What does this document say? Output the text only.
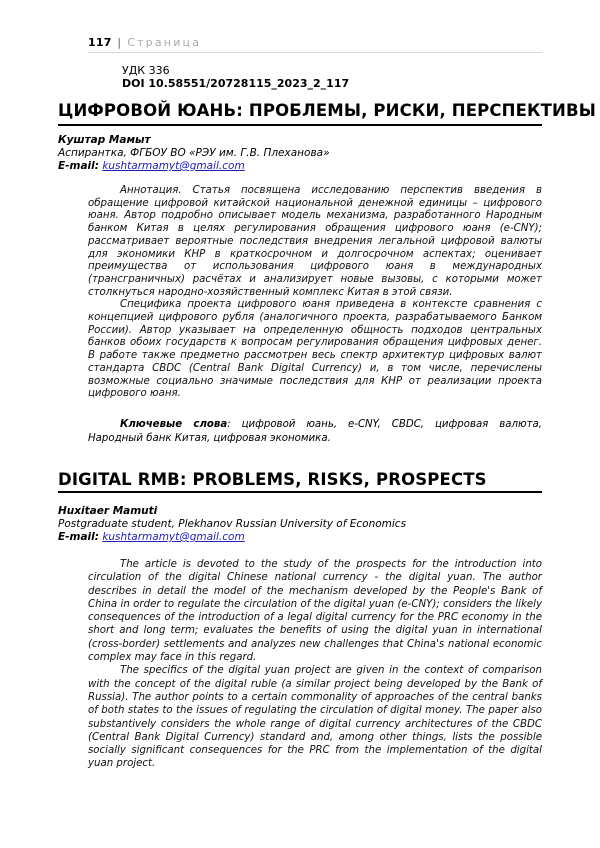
117 | Страница
УДК 336
DOI 10.58551/20728115_2023_2_117
ЦИФРОВОЙ ЮАНЬ: ПРОБЛЕМЫ, РИСКИ, ПЕРСПЕКТИВЫ
Куштар Мамыт
Аспирантка, ФГБОУ ВО «РЭУ им. Г.В. Плеханова»
E-mail: kushtarmamyt@gmail.com

Аннотация. Статья посвящена исследованию перспектив введения в обращение цифровой китайской национальной денежной единицы – цифрового юаня. Автор подробно описывает модель механизма, разработанного Народным банком Китая в целях регулирования обращения цифрового юаня (e-CNY); рассматривает вероятные последствия внедрения легальной цифровой валюты для экономики КНР в краткосрочном и долгосрочном аспектах; оценивает преимущества от использования цифрового юаня в международных (трансграничных) расчётах и анализирует новые вызовы, с которыми может столкнуться народно-хозяйственный комплекс Китая в этой связи.

Специфика проекта цифрового юаня приведена в контексте сравнения с концепцией цифрового рубля (аналогичного проекта, разрабатываемого Банком России). Автор указывает на определенную общность подходов центральных банков обоих государств к вопросам регулирования обращения цифровых денег. В работе также предметно рассмотрен весь спектр архитектур цифровых валют стандарта CBDC (Central Bank Digital Currency) и, в том числе, перечислены возможные социально значимые последствия для КНР от реализации проекта цифрового юаня.

Ключевые слова: цифровой юань, e-CNY, CBDC, цифровая валюта, Народный банк Китая, цифровая экономика.
DIGITAL RMB: PROBLEMS, RISKS, PROSPECTS
Huxitaer Mamuti
Postgraduate student, Plekhanov Russian University of Economics
E-mail: kushtarmamyt@gmail.com

The article is devoted to the study of the prospects for the introduction into circulation of the digital Chinese national currency - the digital yuan. The author describes in detail the model of the mechanism developed by the People's Bank of China in order to regulate the circulation of the digital yuan (e-CNY); considers the likely consequences of the introduction of a legal digital currency for the PRC economy in the short and long term; evaluates the benefits of using the digital yuan in international (cross-border) settlements and analyzes new challenges that China's national economic complex may face in this regard.

The specifics of the digital yuan project are given in the context of comparison with the concept of the digital ruble (a similar project being developed by the Bank of Russia). The author points to a certain commonality of approaches of the central banks of both states to the issues of regulating the circulation of digital money. The paper also substantively considers the whole range of digital currency architectures of the CBDC (Central Bank Digital Currency) standard and, among other things, lists the possible socially significant consequences for the PRC from the implementation of the digital yuan project.
